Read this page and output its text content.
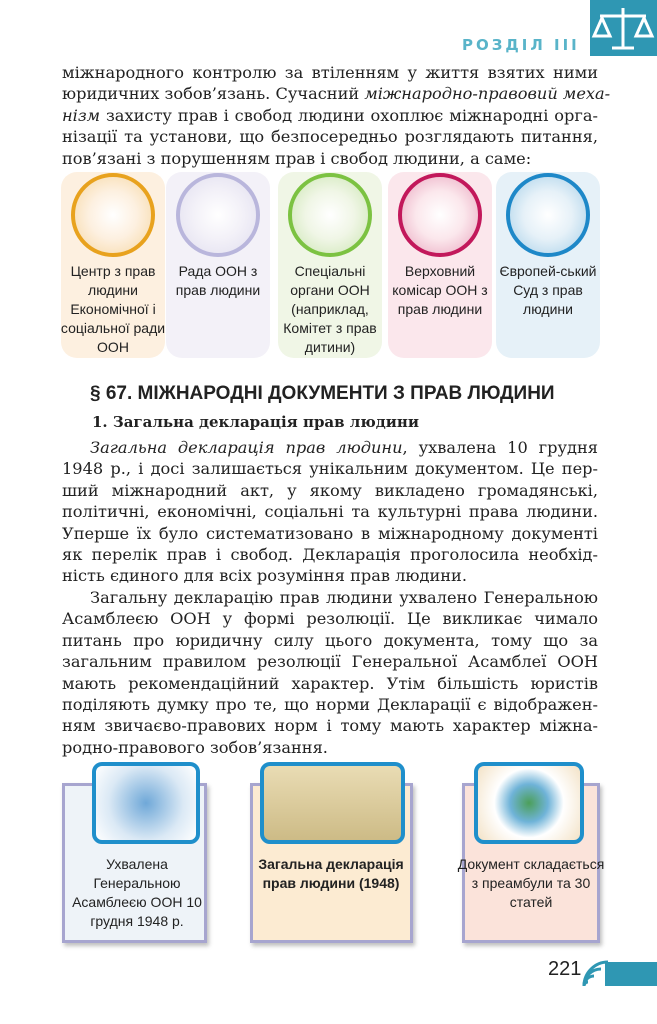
РОЗДІЛ III
міжнародного контролю за втіленням у життя взятих ними
юридичних зобов’язань. Сучасний міжнародно-правовий меха-
нізм захисту прав і свобод людини охоплює міжнародні орга-
нізації та установи, що безпосередньо розглядають питання,
пов’язані з порушенням прав і свобод людини, а саме:
Центр з прав людини Економічної і соціальної ради ООН
Рада ООН з прав людини
Спеціальні органи ООН (наприклад, Комітет з прав дитини)
Верховний комісар ООН з прав людини
Європей-ський Суд з прав людини
§ 67. МІЖНАРОДНІ ДОКУМЕНТИ З ПРАВ ЛЮДИНИ
1. Загальна декларація прав людини
Загальна декларація прав людини, ухвалена 10 грудня
1948 р., і досі залишається унікальним документом. Це пер-
ший міжнародний акт, у якому викладено громадянські,
політичні, економічні, соціальні та культурні права людини.
Уперше їх було систематизовано в міжнародному документі
як перелік прав і свобод. Декларація проголосила необхід-
ність єдиного для всіх розуміння прав людини.
Загальну декларацію прав людини ухвалено Генеральною
Асамблеєю ООН у формі резолюції. Це викликає чимало
питань про юридичну силу цього документа, тому що за
загальним правилом резолюції Генеральної Асамблеї ООН
мають рекомендаційний характер. Утім більшість юристів
поділяють думку про те, що норми Декларації є відображен-
ням звичаєво-правових норм і тому мають характер міжна-
родно-правового зобов’язання.
Ухвалена Генеральною Асамблеєю ООН 10 грудня 1948 р.
Загальна декларація прав людини (1948)
Документ складається з преамбули та 30 статей
221
